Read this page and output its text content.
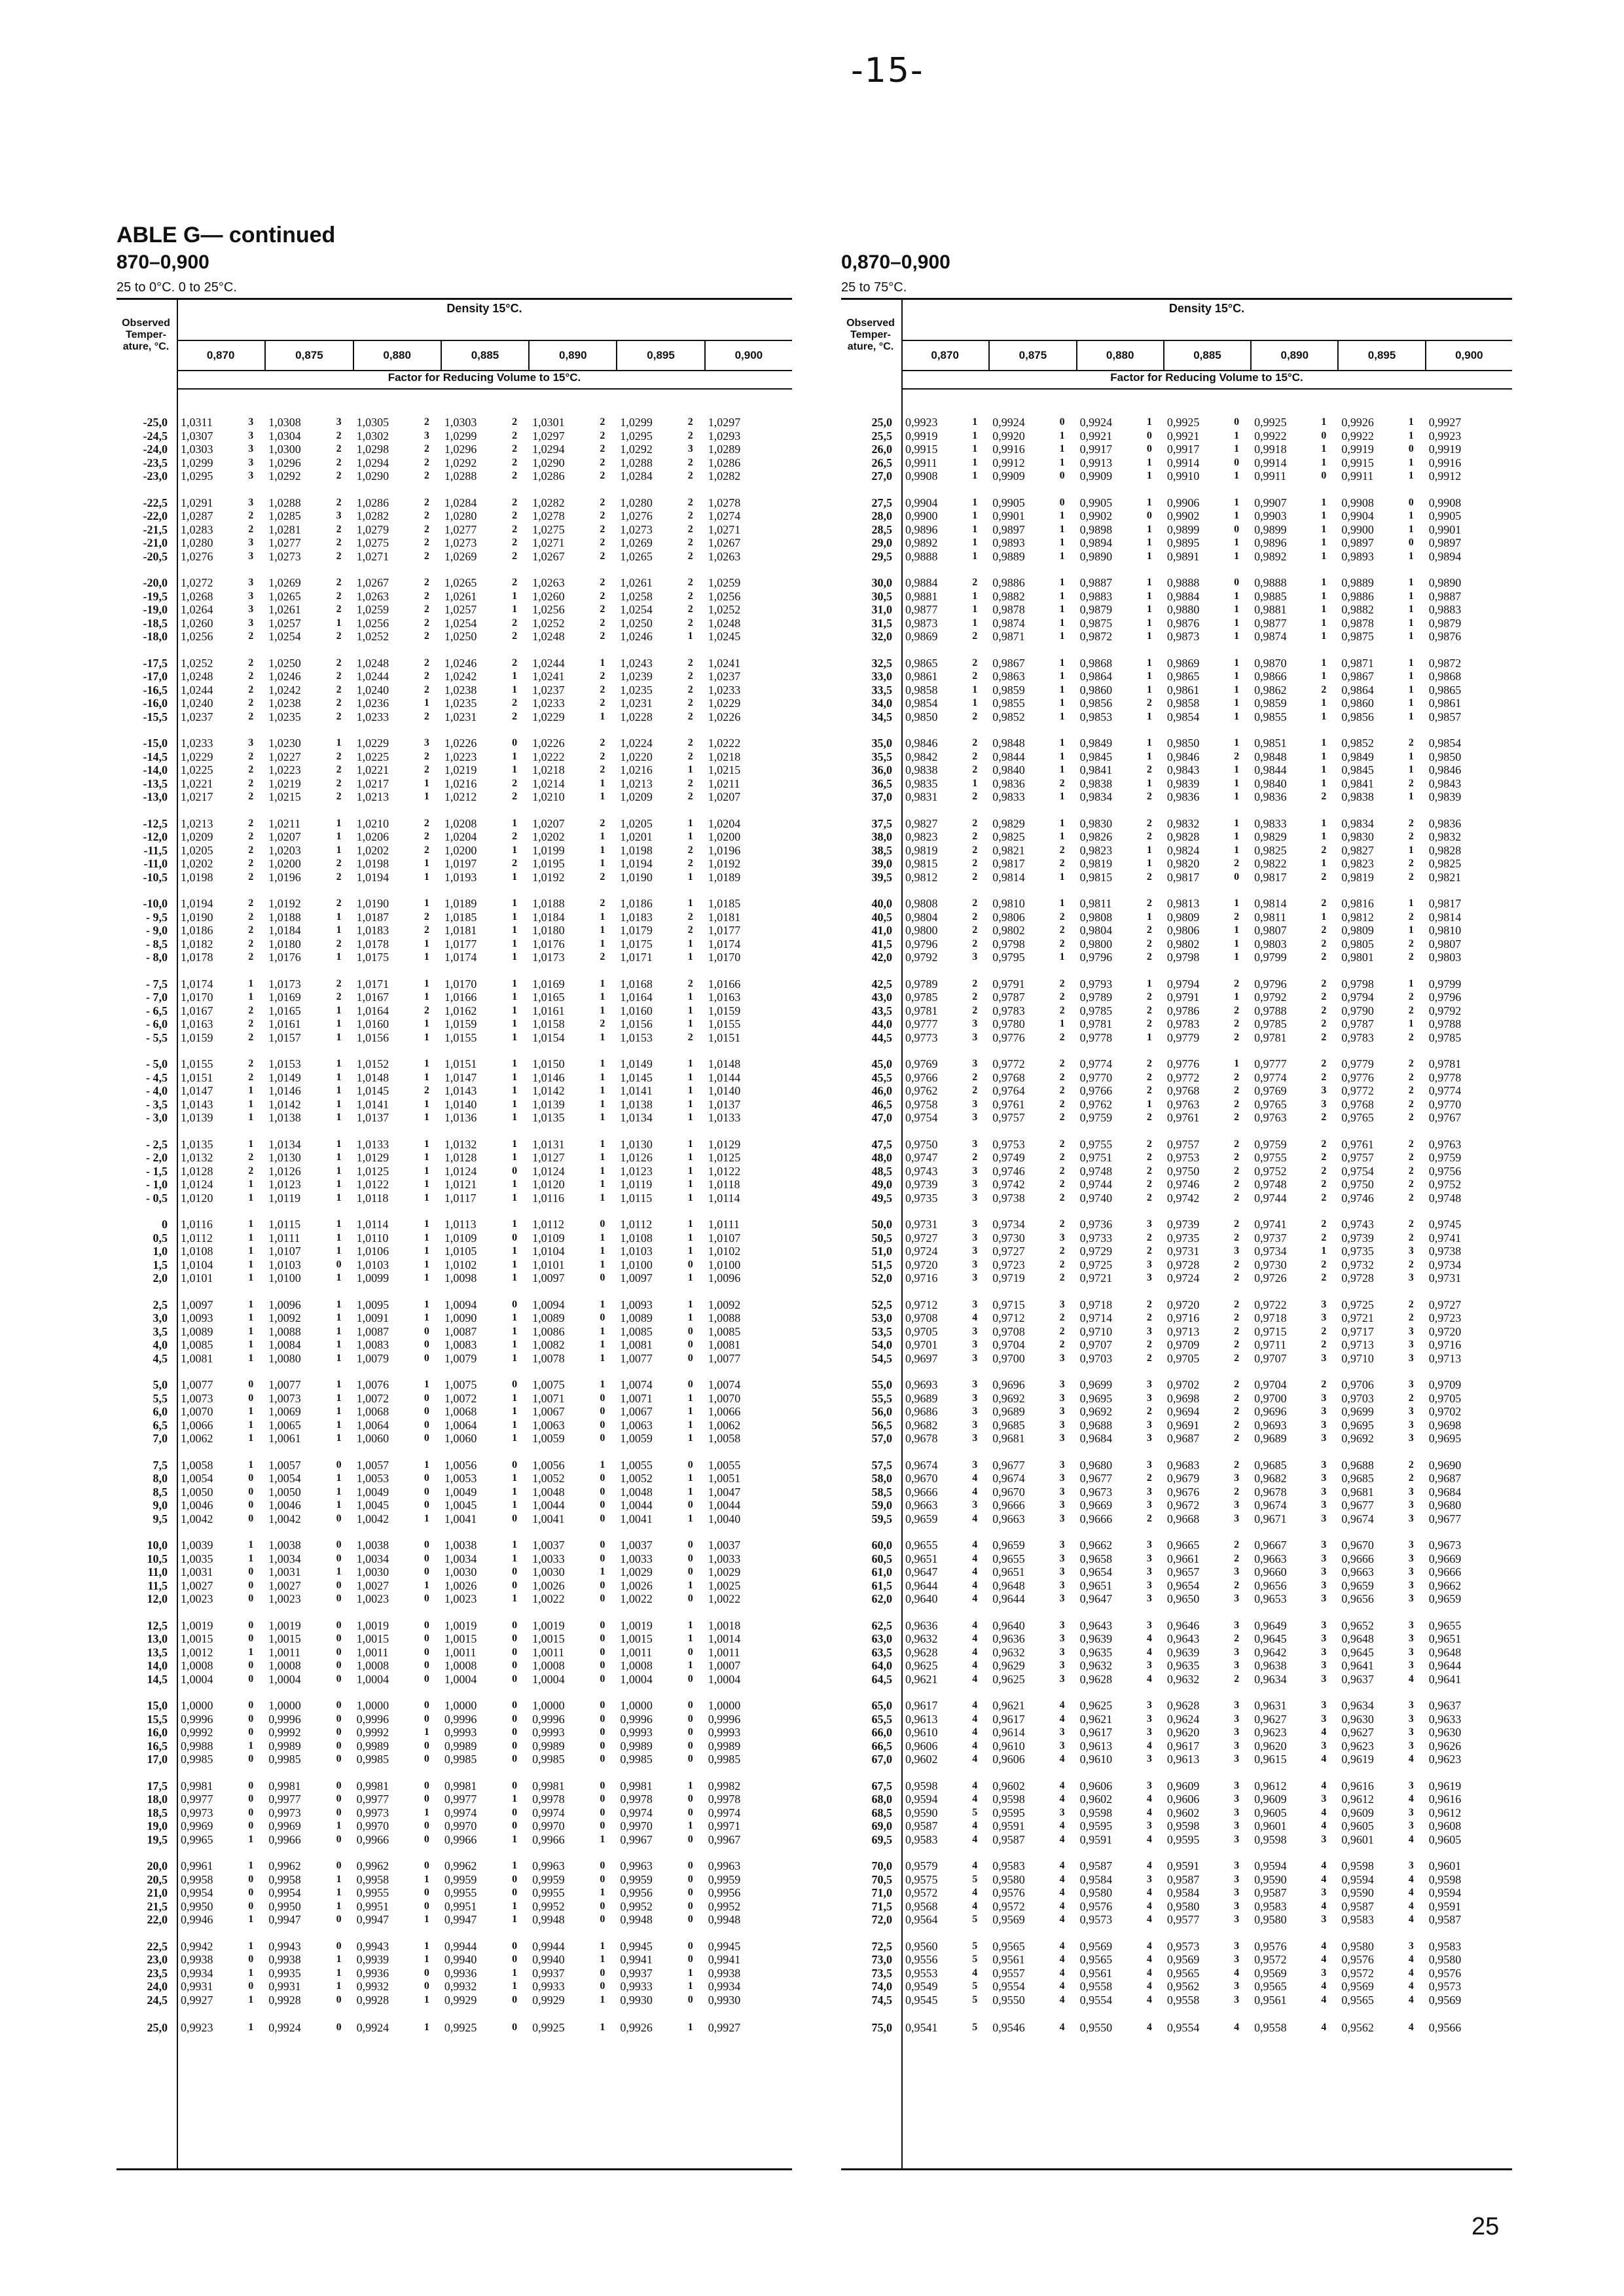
-15-
ABLE G— continued
870–0,900
25 to 0°C. 0 to 25°C.
0,870–0,900
25 to 75°C.
Density 15°C.
Observed Temper- ature, °C.
0,870	0,875	0,880	0,885	0,890	0,895	0,900
Factor for Reducing Volume to 15°C.
-25,0 1,0311	3 1,0308	3 1,0305	2 1,0303	2 1,0301	2 1,0299	2 1,0297
-24,5 1,0307	3 1,0304	2 1,0302	3 1,0299	2 1,0297	2 1,0295	2 1,0293
-24,0 1,0303	3 1,0300	2 1,0298	2 1,0296	2 1,0294	2 1,0292	3 1,0289
-23,5 1,0299	3 1,0296	2 1,0294	2 1,0292	2 1,0290	2 1,0288	2 1,0286
-23,0 1,0295	3 1,0292	2 1,0290	2 1,0288	2 1,0286	2 1,0284	2 1,0282
-22,5 1,0291	3 1,0288	2 1,0286	2 1,0284	2 1,0282	2 1,0280	2 1,0278
-22,0 1,0287	2 1,0285	3 1,0282	2 1,0280	2 1,0278	2 1,0276	2 1,0274
-21,5 1,0283	2 1,0281	2 1,0279	2 1,0277	2 1,0275	2 1,0273	2 1,0271
-21,0 1,0280	3 1,0277	2 1,0275	2 1,0273	2 1,0271	2 1,0269	2 1,0267
-20,5 1,0276	3 1,0273	2 1,0271	2 1,0269	2 1,0267	2 1,0265	2 1,0263
-20,0 1,0272	3 1,0269	2 1,0267	2 1,0265	2 1,0263	2 1,0261	2 1,0259
-19,5 1,0268	3 1,0265	2 1,0263	2 1,0261	1 1,0260	2 1,0258	2 1,0256
-19,0 1,0264	3 1,0261	2 1,0259	2 1,0257	1 1,0256	2 1,0254	2 1,0252
-18,5 1,0260	3 1,0257	1 1,0256	2 1,0254	2 1,0252	2 1,0250	2 1,0248
-18,0 1,0256	2 1,0254	2 1,0252	2 1,0250	2 1,0248	2 1,0246	1 1,0245
-17,5 1,0252	2 1,0250	2 1,0248	2 1,0246	2 1,0244	1 1,0243	2 1,0241
-17,0 1,0248	2 1,0246	2 1,0244	2 1,0242	1 1,0241	2 1,0239	2 1,0237
-16,5 1,0244	2 1,0242	2 1,0240	2 1,0238	1 1,0237	2 1,0235	2 1,0233
-16,0 1,0240	2 1,0238	2 1,0236	1 1,0235	2 1,0233	2 1,0231	2 1,0229
-15,5 1,0237	2 1,0235	2 1,0233	2 1,0231	2 1,0229	1 1,0228	2 1,0226
-15,0 1,0233	3 1,0230	1 1,0229	3 1,0226	0 1,0226	2 1,0224	2 1,0222
-14,5 1,0229	2 1,0227	2 1,0225	2 1,0223	1 1,0222	2 1,0220	2 1,0218
-14,0 1,0225	2 1,0223	2 1,0221	2 1,0219	1 1,0218	2 1,0216	1 1,0215
-13,5 1,0221	2 1,0219	2 1,0217	1 1,0216	2 1,0214	1 1,0213	2 1,0211
-13,0 1,0217	2 1,0215	2 1,0213	1 1,0212	2 1,0210	1 1,0209	2 1,0207
-12,5 1,0213	2 1,0211	1 1,0210	2 1,0208	1 1,0207	2 1,0205	1 1,0204
-12,0 1,0209	2 1,0207	1 1,0206	2 1,0204	2 1,0202	1 1,0201	1 1,0200
-11,5 1,0205	2 1,0203	1 1,0202	2 1,0200	1 1,0199	1 1,0198	2 1,0196
-11,0 1,0202	2 1,0200	2 1,0198	1 1,0197	2 1,0195	1 1,0194	2 1,0192
-10,5 1,0198	2 1,0196	2 1,0194	1 1,0193	1 1,0192	2 1,0190	1 1,0189
-10,0 1,0194	2 1,0192	2 1,0190	1 1,0189	1 1,0188	2 1,0186	1 1,0185
- 9,5 1,0190	2 1,0188	1 1,0187	2 1,0185	1 1,0184	1 1,0183	2 1,0181
- 9,0 1,0186	2 1,0184	1 1,0183	2 1,0181	1 1,0180	1 1,0179	2 1,0177
- 8,5 1,0182	2 1,0180	2 1,0178	1 1,0177	1 1,0176	1 1,0175	1 1,0174
- 8,0 1,0178	2 1,0176	1 1,0175	1 1,0174	1 1,0173	2 1,0171	1 1,0170
- 7,5 1,0174	1 1,0173	2 1,0171	1 1,0170	1 1,0169	1 1,0168	2 1,0166
- 7,0 1,0170	1 1,0169	2 1,0167	1 1,0166	1 1,0165	1 1,0164	1 1,0163
- 6,5 1,0167	2 1,0165	1 1,0164	2 1,0162	1 1,0161	1 1,0160	1 1,0159
- 6,0 1,0163	2 1,0161	1 1,0160	1 1,0159	1 1,0158	2 1,0156	1 1,0155
- 5,5 1,0159	2 1,0157	1 1,0156	1 1,0155	1 1,0154	1 1,0153	2 1,0151
- 5,0 1,0155	2 1,0153	1 1,0152	1 1,0151	1 1,0150	1 1,0149	1 1,0148
- 4,5 1,0151	2 1,0149	1 1,0148	1 1,0147	1 1,0146	1 1,0145	1 1,0144
- 4,0 1,0147	1 1,0146	1 1,0145	2 1,0143	1 1,0142	1 1,0141	1 1,0140
- 3,5 1,0143	1 1,0142	1 1,0141	1 1,0140	1 1,0139	1 1,0138	1 1,0137
- 3,0 1,0139	1 1,0138	1 1,0137	1 1,0136	1 1,0135	1 1,0134	1 1,0133
- 2,5 1,0135	1 1,0134	1 1,0133	1 1,0132	1 1,0131	1 1,0130	1 1,0129
- 2,0 1,0132	2 1,0130	1 1,0129	1 1,0128	1 1,0127	1 1,0126	1 1,0125
- 1,5 1,0128	2 1,0126	1 1,0125	1 1,0124	0 1,0124	1 1,0123	1 1,0122
- 1,0 1,0124	1 1,0123	1 1,0122	1 1,0121	1 1,0120	1 1,0119	1 1,0118
- 0,5 1,0120	1 1,0119	1 1,0118	1 1,0117	1 1,0116	1 1,0115	1 1,0114
0 1,0116	1 1,0115	1 1,0114	1 1,0113	1 1,0112	0 1,0112	1 1,0111
0,5 1,0112	1 1,0111	1 1,0110	1 1,0109	0 1,0109	1 1,0108	1 1,0107
1,0 1,0108	1 1,0107	1 1,0106	1 1,0105	1 1,0104	1 1,0103	1 1,0102
1,5 1,0104	1 1,0103	0 1,0103	1 1,0102	1 1,0101	1 1,0100	0 1,0100
2,0 1,0101	1 1,0100	1 1,0099	1 1,0098	1 1,0097	0 1,0097	1 1,0096
2,5 1,0097	1 1,0096	1 1,0095	1 1,0094	0 1,0094	1 1,0093	1 1,0092
3,0 1,0093	1 1,0092	1 1,0091	1 1,0090	1 1,0089	0 1,0089	1 1,0088
3,5 1,0089	1 1,0088	1 1,0087	0 1,0087	1 1,0086	1 1,0085	0 1,0085
4,0 1,0085	1 1,0084	1 1,0083	0 1,0083	1 1,0082	1 1,0081	0 1,0081
4,5 1,0081	1 1,0080	1 1,0079	0 1,0079	1 1,0078	1 1,0077	0 1,0077
5,0 1,0077	0 1,0077	1 1,0076	1 1,0075	0 1,0075	1 1,0074	0 1,0074
5,5 1,0073	0 1,0073	1 1,0072	0 1,0072	1 1,0071	0 1,0071	1 1,0070
6,0 1,0070	1 1,0069	1 1,0068	0 1,0068	1 1,0067	0 1,0067	1 1,0066
6,5 1,0066	1 1,0065	1 1,0064	0 1,0064	1 1,0063	0 1,0063	1 1,0062
7,0 1,0062	1 1,0061	1 1,0060	0 1,0060	1 1,0059	0 1,0059	1 1,0058
7,5 1,0058	1 1,0057	0 1,0057	1 1,0056	0 1,0056	1 1,0055	0 1,0055
8,0 1,0054	0 1,0054	1 1,0053	0 1,0053	1 1,0052	0 1,0052	1 1,0051
8,5 1,0050	0 1,0050	1 1,0049	0 1,0049	1 1,0048	0 1,0048	1 1,0047
9,0 1,0046	0 1,0046	1 1,0045	0 1,0045	1 1,0044	0 1,0044	0 1,0044
9,5 1,0042	0 1,0042	0 1,0042	1 1,0041	0 1,0041	0 1,0041	1 1,0040
10,0 1,0039	1 1,0038	0 1,0038	0 1,0038	1 1,0037	0 1,0037	0 1,0037
10,5 1,0035	1 1,0034	0 1,0034	0 1,0034	1 1,0033	0 1,0033	0 1,0033
11,0 1,0031	0 1,0031	1 1,0030	0 1,0030	0 1,0030	1 1,0029	0 1,0029
11,5 1,0027	0 1,0027	0 1,0027	1 1,0026	0 1,0026	0 1,0026	1 1,0025
12,0 1,0023	0 1,0023	0 1,0023	0 1,0023	1 1,0022	0 1,0022	0 1,0022
12,5 1,0019	0 1,0019	0 1,0019	0 1,0019	0 1,0019	0 1,0019	1 1,0018
13,0 1,0015	0 1,0015	0 1,0015	0 1,0015	0 1,0015	0 1,0015	1 1,0014
13,5 1,0012	1 1,0011	0 1,0011	0 1,0011	0 1,0011	0 1,0011	0 1,0011
14,0 1,0008	0 1,0008	0 1,0008	0 1,0008	0 1,0008	0 1,0008	1 1,0007
14,5 1,0004	0 1,0004	0 1,0004	0 1,0004	0 1,0004	0 1,0004	0 1,0004
15,0 1,0000	0 1,0000	0 1,0000	0 1,0000	0 1,0000	0 1,0000	0 1,0000
15,5 0,9996	0 0,9996	0 0,9996	0 0,9996	0 0,9996	0 0,9996	0 0,9996
16,0 0,9992	0 0,9992	0 0,9992	1 0,9993	0 0,9993	0 0,9993	0 0,9993
16,5 0,9988	1 0,9989	0 0,9989	0 0,9989	0 0,9989	0 0,9989	0 0,9989
17,0 0,9985	0 0,9985	0 0,9985	0 0,9985	0 0,9985	0 0,9985	0 0,9985
17,5 0,9981	0 0,9981	0 0,9981	0 0,9981	0 0,9981	0 0,9981	1 0,9982
18,0 0,9977	0 0,9977	0 0,9977	0 0,9977	1 0,9978	0 0,9978	0 0,9978
18,5 0,9973	0 0,9973	0 0,9973	1 0,9974	0 0,9974	0 0,9974	0 0,9974
19,0 0,9969	0 0,9969	1 0,9970	0 0,9970	0 0,9970	0 0,9970	1 0,9971
19,5 0,9965	1 0,9966	0 0,9966	0 0,9966	1 0,9966	1 0,9967	0 0,9967
20,0 0,9961	1 0,9962	0 0,9962	0 0,9962	1 0,9963	0 0,9963	0 0,9963
20,5 0,9958	0 0,9958	1 0,9958	1 0,9959	0 0,9959	0 0,9959	0 0,9959
21,0 0,9954	0 0,9954	1 0,9955	0 0,9955	0 0,9955	1 0,9956	0 0,9956
21,5 0,9950	0 0,9950	1 0,9951	0 0,9951	1 0,9952	0 0,9952	0 0,9952
22,0 0,9946	1 0,9947	0 0,9947	1 0,9947	1 0,9948	0 0,9948	0 0,9948
22,5 0,9942	1 0,9943	0 0,9943	1 0,9944	0 0,9944	1 0,9945	0 0,9945
23,0 0,9938	0 0,9938	1 0,9939	1 0,9940	0 0,9940	1 0,9941	0 0,9941
23,5 0,9934	1 0,9935	1 0,9936	0 0,9936	1 0,9937	0 0,9937	1 0,9938
24,0 0,9931	0 0,9931	1 0,9932	0 0,9932	1 0,9933	0 0,9933	1 0,9934
24,5 0,9927	1 0,9928	0 0,9928	1 0,9929	0 0,9929	1 0,9930	0 0,9930
25,0 0,9923	1 0,9924	0 0,9924	1 0,9925	0 0,9925	1 0,9926	1 0,9927
Density 15°C.
Observed Temper- ature, °C.
0,870	0,875	0,880	0,885	0,890	0,895	0,900
Factor for Reducing Volume to 15°C.
25,0 0,9923	1 0,9924	0 0,9924	1 0,9925	0 0,9925	1 0,9926	1 0,9927
25,5 0,9919	1 0,9920	1 0,9921	0 0,9921	1 0,9922	0 0,9922	1 0,9923
26,0 0,9915	1 0,9916	1 0,9917	0 0,9917	1 0,9918	1 0,9919	0 0,9919
26,5 0,9911	1 0,9912	1 0,9913	1 0,9914	0 0,9914	1 0,9915	1 0,9916
27,0 0,9908	1 0,9909	0 0,9909	1 0,9910	1 0,9911	0 0,9911	1 0,9912
27,5 0,9904	1 0,9905	0 0,9905	1 0,9906	1 0,9907	1 0,9908	0 0,9908
28,0 0,9900	1 0,9901	1 0,9902	0 0,9902	1 0,9903	1 0,9904	1 0,9905
28,5 0,9896	1 0,9897	1 0,9898	1 0,9899	0 0,9899	1 0,9900	1 0,9901
29,0 0,9892	1 0,9893	1 0,9894	1 0,9895	1 0,9896	1 0,9897	0 0,9897
29,5 0,9888	1 0,9889	1 0,9890	1 0,9891	1 0,9892	1 0,9893	1 0,9894
30,0 0,9884	2 0,9886	1 0,9887	1 0,9888	0 0,9888	1 0,9889	1 0,9890
30,5 0,9881	1 0,9882	1 0,9883	1 0,9884	1 0,9885	1 0,9886	1 0,9887
31,0 0,9877	1 0,9878	1 0,9879	1 0,9880	1 0,9881	1 0,9882	1 0,9883
31,5 0,9873	1 0,9874	1 0,9875	1 0,9876	1 0,9877	1 0,9878	1 0,9879
32,0 0,9869	2 0,9871	1 0,9872	1 0,9873	1 0,9874	1 0,9875	1 0,9876
32,5 0,9865	2 0,9867	1 0,9868	1 0,9869	1 0,9870	1 0,9871	1 0,9872
33,0 0,9861	2 0,9863	1 0,9864	1 0,9865	1 0,9866	1 0,9867	1 0,9868
33,5 0,9858	1 0,9859	1 0,9860	1 0,9861	1 0,9862	2 0,9864	1 0,9865
34,0 0,9854	1 0,9855	1 0,9856	2 0,9858	1 0,9859	1 0,9860	1 0,9861
34,5 0,9850	2 0,9852	1 0,9853	1 0,9854	1 0,9855	1 0,9856	1 0,9857
35,0 0,9846	2 0,9848	1 0,9849	1 0,9850	1 0,9851	1 0,9852	2 0,9854
35,5 0,9842	2 0,9844	1 0,9845	1 0,9846	2 0,9848	1 0,9849	1 0,9850
36,0 0,9838	2 0,9840	1 0,9841	2 0,9843	1 0,9844	1 0,9845	1 0,9846
36,5 0,9835	1 0,9836	2 0,9838	1 0,9839	1 0,9840	1 0,9841	2 0,9843
37,0 0,9831	2 0,9833	1 0,9834	2 0,9836	1 0,9836	2 0,9838	1 0,9839
37,5 0,9827	2 0,9829	1 0,9830	2 0,9832	1 0,9833	1 0,9834	2 0,9836
38,0 0,9823	2 0,9825	1 0,9826	2 0,9828	1 0,9829	1 0,9830	2 0,9832
38,5 0,9819	2 0,9821	2 0,9823	1 0,9824	1 0,9825	2 0,9827	1 0,9828
39,0 0,9815	2 0,9817	2 0,9819	1 0,9820	2 0,9822	1 0,9823	2 0,9825
39,5 0,9812	2 0,9814	1 0,9815	2 0,9817	0 0,9817	2 0,9819	2 0,9821
40,0 0,9808	2 0,9810	1 0,9811	2 0,9813	1 0,9814	2 0,9816	1 0,9817
40,5 0,9804	2 0,9806	2 0,9808	1 0,9809	2 0,9811	1 0,9812	2 0,9814
41,0 0,9800	2 0,9802	2 0,9804	2 0,9806	1 0,9807	2 0,9809	1 0,9810
41,5 0,9796	2 0,9798	2 0,9800	2 0,9802	1 0,9803	2 0,9805	2 0,9807
42,0 0,9792	3 0,9795	1 0,9796	2 0,9798	1 0,9799	2 0,9801	2 0,9803
42,5 0,9789	2 0,9791	2 0,9793	1 0,9794	2 0,9796	2 0,9798	1 0,9799
43,0 0,9785	2 0,9787	2 0,9789	2 0,9791	1 0,9792	2 0,9794	2 0,9796
43,5 0,9781	2 0,9783	2 0,9785	2 0,9786	2 0,9788	2 0,9790	2 0,9792
44,0 0,9777	3 0,9780	1 0,9781	2 0,9783	2 0,9785	2 0,9787	1 0,9788
44,5 0,9773	3 0,9776	2 0,9778	1 0,9779	2 0,9781	2 0,9783	2 0,9785
45,0 0,9769	3 0,9772	2 0,9774	2 0,9776	1 0,9777	2 0,9779	2 0,9781
45,5 0,9766	2 0,9768	2 0,9770	2 0,9772	2 0,9774	2 0,9776	2 0,9778
46,0 0,9762	2 0,9764	2 0,9766	2 0,9768	2 0,9769	3 0,9772	2 0,9774
46,5 0,9758	3 0,9761	2 0,9762	1 0,9763	2 0,9765	3 0,9768	2 0,9770
47,0 0,9754	3 0,9757	2 0,9759	2 0,9761	2 0,9763	2 0,9765	2 0,9767
47,5 0,9750	3 0,9753	2 0,9755	2 0,9757	2 0,9759	2 0,9761	2 0,9763
48,0 0,9747	2 0,9749	2 0,9751	2 0,9753	2 0,9755	2 0,9757	2 0,9759
48,5 0,9743	3 0,9746	2 0,9748	2 0,9750	2 0,9752	2 0,9754	2 0,9756
49,0 0,9739	3 0,9742	2 0,9744	2 0,9746	2 0,9748	2 0,9750	2 0,9752
49,5 0,9735	3 0,9738	2 0,9740	2 0,9742	2 0,9744	2 0,9746	2 0,9748
50,0 0,9731	3 0,9734	2 0,9736	3 0,9739	2 0,9741	2 0,9743	2 0,9745
50,5 0,9727	3 0,9730	3 0,9733	2 0,9735	2 0,9737	2 0,9739	2 0,9741
51,0 0,9724	3 0,9727	2 0,9729	2 0,9731	3 0,9734	1 0,9735	3 0,9738
51,5 0,9720	3 0,9723	2 0,9725	3 0,9728	2 0,9730	2 0,9732	2 0,9734
52,0 0,9716	3 0,9719	2 0,9721	3 0,9724	2 0,9726	2 0,9728	3 0,9731
52,5 0,9712	3 0,9715	3 0,9718	2 0,9720	2 0,9722	3 0,9725	2 0,9727
53,0 0,9708	4 0,9712	2 0,9714	2 0,9716	2 0,9718	3 0,9721	2 0,9723
53,5 0,9705	3 0,9708	2 0,9710	3 0,9713	2 0,9715	2 0,9717	3 0,9720
54,0 0,9701	3 0,9704	2 0,9707	2 0,9709	2 0,9711	2 0,9713	3 0,9716
54,5 0,9697	3 0,9700	3 0,9703	2 0,9705	2 0,9707	3 0,9710	3 0,9713
55,0 0,9693	3 0,9696	3 0,9699	3 0,9702	2 0,9704	2 0,9706	3 0,9709
55,5 0,9689	3 0,9692	3 0,9695	3 0,9698	2 0,9700	3 0,9703	2 0,9705
56,0 0,9686	3 0,9689	3 0,9692	2 0,9694	2 0,9696	3 0,9699	3 0,9702
56,5 0,9682	3 0,9685	3 0,9688	3 0,9691	2 0,9693	3 0,9695	3 0,9698
57,0 0,9678	3 0,9681	3 0,9684	3 0,9687	2 0,9689	3 0,9692	3 0,9695
57,5 0,9674	3 0,9677	3 0,9680	3 0,9683	2 0,9685	3 0,9688	2 0,9690
58,0 0,9670	4 0,9674	3 0,9677	2 0,9679	3 0,9682	3 0,9685	2 0,9687
58,5 0,9666	4 0,9670	3 0,9673	3 0,9676	2 0,9678	3 0,9681	3 0,9684
59,0 0,9663	3 0,9666	3 0,9669	3 0,9672	3 0,9674	3 0,9677	3 0,9680
59,5 0,9659	4 0,9663	3 0,9666	2 0,9668	3 0,9671	3 0,9674	3 0,9677
60,0 0,9655	4 0,9659	3 0,9662	3 0,9665	2 0,9667	3 0,9670	3 0,9673
60,5 0,9651	4 0,9655	3 0,9658	3 0,9661	2 0,9663	3 0,9666	3 0,9669
61,0 0,9647	4 0,9651	3 0,9654	3 0,9657	3 0,9660	3 0,9663	3 0,9666
61,5 0,9644	4 0,9648	3 0,9651	3 0,9654	2 0,9656	3 0,9659	3 0,9662
62,0 0,9640	4 0,9644	3 0,9647	3 0,9650	3 0,9653	3 0,9656	3 0,9659
62,5 0,9636	4 0,9640	3 0,9643	3 0,9646	3 0,9649	3 0,9652	3 0,9655
63,0 0,9632	4 0,9636	3 0,9639	4 0,9643	2 0,9645	3 0,9648	3 0,9651
63,5 0,9628	4 0,9632	3 0,9635	4 0,9639	3 0,9642	3 0,9645	3 0,9648
64,0 0,9625	4 0,9629	3 0,9632	3 0,9635	3 0,9638	3 0,9641	3 0,9644
64,5 0,9621	4 0,9625	3 0,9628	4 0,9632	2 0,9634	3 0,9637	4 0,9641
65,0 0,9617	4 0,9621	4 0,9625	3 0,9628	3 0,9631	3 0,9634	3 0,9637
65,5 0,9613	4 0,9617	4 0,9621	3 0,9624	3 0,9627	3 0,9630	3 0,9633
66,0 0,9610	4 0,9614	3 0,9617	3 0,9620	3 0,9623	4 0,9627	3 0,9630
66,5 0,9606	4 0,9610	3 0,9613	4 0,9617	3 0,9620	3 0,9623	3 0,9626
67,0 0,9602	4 0,9606	4 0,9610	3 0,9613	3 0,9615	4 0,9619	4 0,9623
67,5 0,9598	4 0,9602	4 0,9606	3 0,9609	3 0,9612	4 0,9616	3 0,9619
68,0 0,9594	4 0,9598	4 0,9602	4 0,9606	3 0,9609	3 0,9612	4 0,9616
68,5 0,9590	5 0,9595	3 0,9598	4 0,9602	3 0,9605	4 0,9609	3 0,9612
69,0 0,9587	4 0,9591	4 0,9595	3 0,9598	3 0,9601	4 0,9605	3 0,9608
69,5 0,9583	4 0,9587	4 0,9591	4 0,9595	3 0,9598	3 0,9601	4 0,9605
70,0 0,9579	4 0,9583	4 0,9587	4 0,9591	3 0,9594	4 0,9598	3 0,9601
70,5 0,9575	5 0,9580	4 0,9584	3 0,9587	3 0,9590	4 0,9594	4 0,9598
71,0 0,9572	4 0,9576	4 0,9580	4 0,9584	3 0,9587	3 0,9590	4 0,9594
71,5 0,9568	4 0,9572	4 0,9576	4 0,9580	3 0,9583	4 0,9587	4 0,9591
72,0 0,9564	5 0,9569	4 0,9573	4 0,9577	3 0,9580	3 0,9583	4 0,9587
72,5 0,9560	5 0,9565	4 0,9569	4 0,9573	3 0,9576	4 0,9580	3 0,9583
73,0 0,9556	5 0,9561	4 0,9565	4 0,9569	3 0,9572	4 0,9576	4 0,9580
73,5 0,9553	4 0,9557	4 0,9561	4 0,9565	4 0,9569	3 0,9572	4 0,9576
74,0 0,9549	5 0,9554	4 0,9558	4 0,9562	3 0,9565	4 0,9569	4 0,9573
74,5 0,9545	5 0,9550	4 0,9554	4 0,9558	3 0,9561	4 0,9565	4 0,9569
75,0 0,9541	5 0,9546	4 0,9550	4 0,9554	4 0,9558	4 0,9562	4 0,9566
25
